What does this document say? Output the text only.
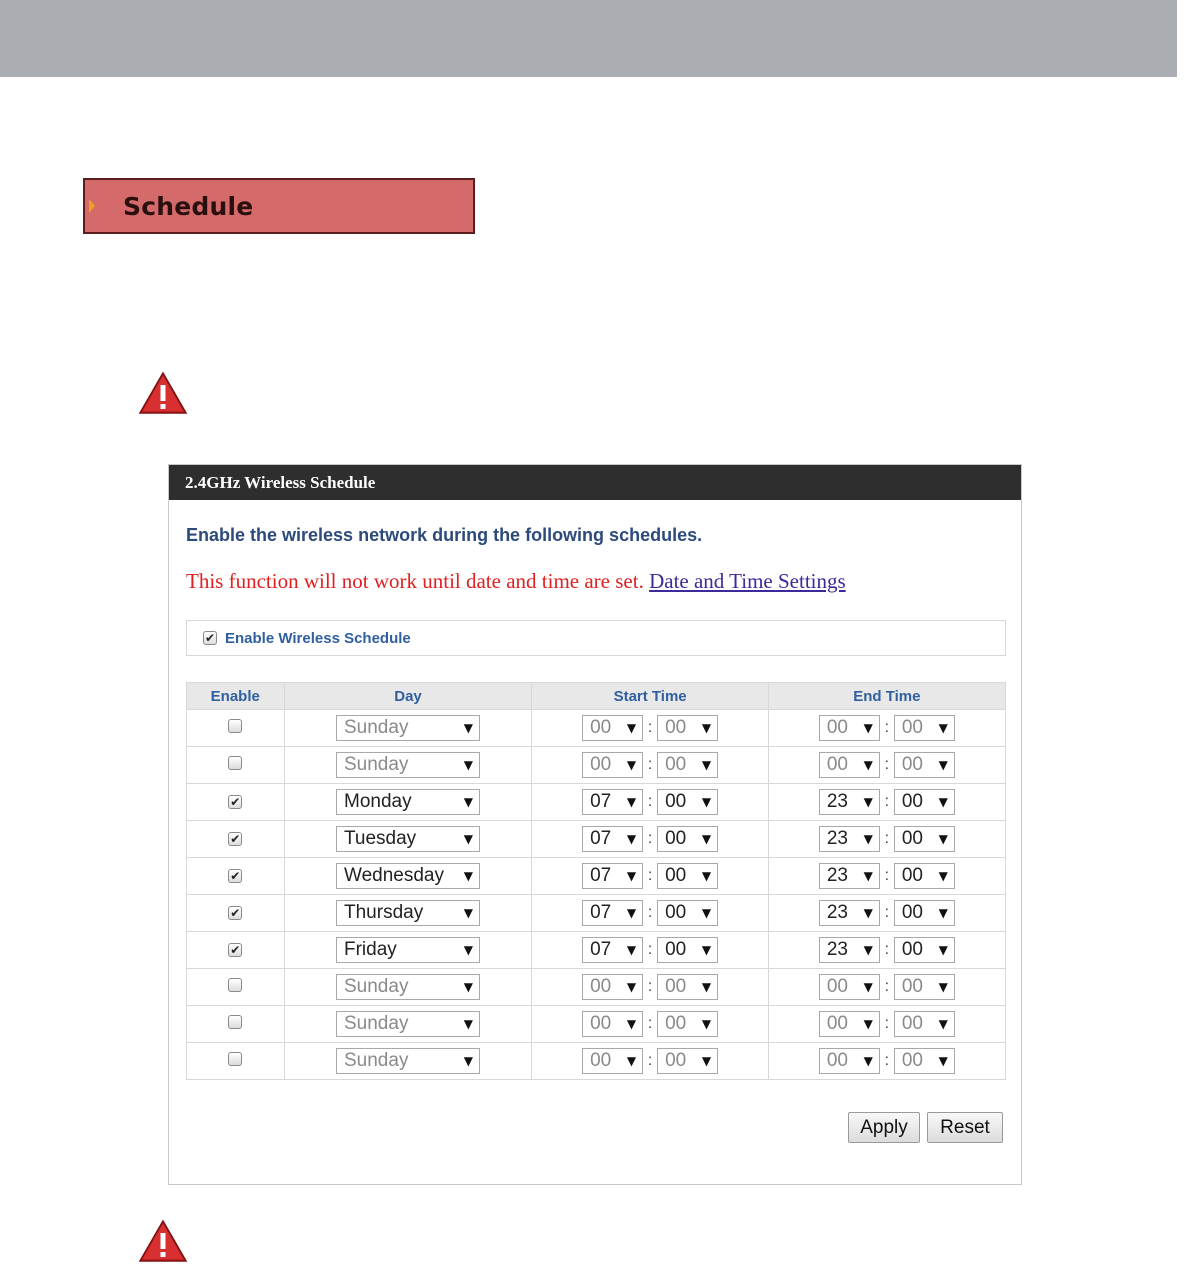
Schedule
2.4GHz Wireless Schedule
Enable the wireless network during the following schedules.
This function will not work until date and time are set. Date and Time Settings
✔ Enable Wireless Schedule
Enable	Day	Start Time	End Time

	Sunday ▼	00 ▼ : 00 ▼	00 ▼ : 00 ▼

	Sunday ▼	00 ▼ : 00 ▼	00 ▼ : 00 ▼

✔	Monday ▼	07 ▼ : 00 ▼	23 ▼ : 00 ▼

✔	Tuesday ▼	07 ▼ : 00 ▼	23 ▼ : 00 ▼

✔	Wednesday ▼	07 ▼ : 00 ▼	23 ▼ : 00 ▼

✔	Thursday ▼	07 ▼ : 00 ▼	23 ▼ : 00 ▼

✔	Friday ▼	07 ▼ : 00 ▼	23 ▼ : 00 ▼

	Sunday ▼	00 ▼ : 00 ▼	00 ▼ : 00 ▼

	Sunday ▼	00 ▼ : 00 ▼	00 ▼ : 00 ▼

	Sunday ▼	00 ▼ : 00 ▼	00 ▼ : 00 ▼
Apply	Reset
